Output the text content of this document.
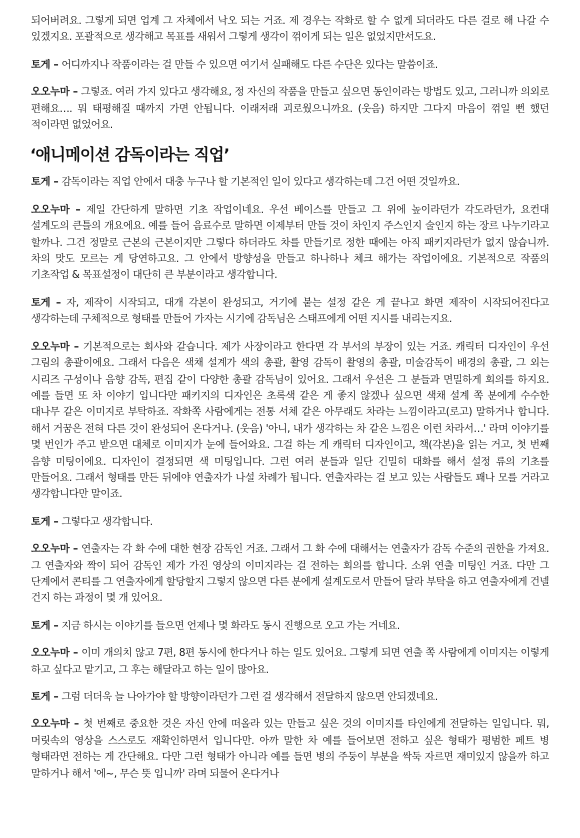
되어버려요. 그렇게 되면 업계 그 자체에서 낙오 되는 거죠. 제 경우는 작화로 할 수 없게 되더라도 다른 걸로 해 나갈 수 있겠지요. 포괄적으로 생각해고 목표를 새워서 그렇게 생각이 꺾이게 되는 일은 없었지만서도요.

토게 – 어디까지나 작품이라는 걸 만들 수 있으면 여기서 실패해도 다른 수단은 있다는 말씀이죠.

오오누마 – 그렇죠. 여러 가지 있다고 생각해요, 정 자신의 작품을 만들고 싶으면 동인이라는 방법도 있고, 그러니까 의외로 편해요…. 뭐 태평해질 때까지 가면 안됩니다. 이래저래 괴로웠으니까요. (웃음) 하지만 그다지 마음이 꺾일 뻔 했던 적이라면 없었어요.

‘애니메이션 감독이라는 직업’

토게 – 감독이라는 직업 안에서 대충 누구나 할 기본적인 일이 있다고 생각하는데 그건 어떤 것일까요.

오오누마 – 제일 간단하게 말하면 기초 작업이네요. 우선 베이스를 만들고 그 위에 높이라던가 각도라던가, 요컨대 설계도의 큰틀의 개요에요. 예를 들어 음료수로 말하면 이제부터 만들 것이 차인지 주스인지 술인지 하는 장르 나누기라고 할까나. 그건 정말로 근본의 근본이지만 그렇다 하더라도 차를 만들기로 정한 때에는 아직 패키지라던가 없지 않습니까. 차의 맛도 모르는 게 당연하고요. 그 안에서 방향성을 만들고 하나하나 체크 해가는 작업이에요. 기본적으로 작품의 기초작업 & 목표설정이 대단히 큰 부분이라고 생각합니다.

토게 – 자, 제작이 시작되고, 대개 각본이 완성되고, 거기에 붙는 설정 같은 게 끝나고 화면 제작이 시작되어진다고 생각하는데 구체적으로 형태를 만들어 가자는 시기에 감독님은 스태프에게 어떤 지시를 내리는지요.

오오누마 – 기본적으로는 회사와 같습니다. 제가 사장이라고 한다면 각 부서의 부장이 있는 거죠. 캐릭터 디자인이 우선 그림의 총괄이에요. 그래서 다음은 색채 설계가 색의 총괄, 촬영 감독이 촬영의 총괄, 미술감독이 배경의 총괄, 그 외는 시리즈 구성이나 음향 감독, 편집 같이 다양한 총괄 감독님이 있어요. 그래서 우선은 그 분들과 면밀하게 회의를 하지요. 예를 들면 또 차 이야기 입니다만 패키지의 디자인은 초록색 같은 게 좋지 않겠나 싶으면 색채 설계 쪽 분에게 수수한 대나무 같은 이미지로 부탁하죠. 작화쪽 사람에게는 전통 서체 같은 아무래도 차라는 느낌이라고(로고) 말하거나 합니다. 해서 거꿈은 전혀 다른 것이 완성되어 온다거나. (웃음) '아니, 내가 생각하는 차 같은 느낌은 이런 차라서…' 라며 이야기를 몇 번인가 주고 받으면 대체로 이미지가 눈에 들어와요. 그걸 하는 게 캐릭터 디자인이고, 책(각본)을 읽는 거고, 첫 번째 음향 미팅이에요. 디자인이 결정되면 색 미팅입니다. 그런 여러 분들과 일단 긴밀히 대화를 해서 설정 류의 기초를 만들어요. 그래서 형태를 만든 뒤에야 연출자가 나설 차례가 됩니다. 연출자라는 걸 보고 있는 사람들도 꽤나 모를 거라고 생각합니다만 말이죠.

토게 – 그렇다고 생각합니다.

오오누마 – 연출자는 각 화 수에 대한 현장 감독인 거죠. 그래서 그 화 수에 대해서는 연출자가 감독 수준의 권한을 가져요. 그 연출자와 짝이 되어 감독인 제가 가진 영상의 이미지라는 걸 전하는 회의를 합니다. 소위 연출 미팅인 거죠. 다만 그 단계에서 콘티를 그 연출자에게 할당할지 그렇지 않으면 다른 분에게 설계도로서 만들어 달라 부탁을 하고 연출자에게 건넬 건지 하는 과정이 몇 개 있어요.

토게 – 지금 하시는 이야기를 들으면 언제나 몇 화라도 동시 진행으로 오고 가는 거네요.

오오누마 – 이미 개의치 않고 7편, 8편 동시에 한다거나 하는 일도 있어요. 그렇게 되면 연출 쪽 사람에게 이미지는 이렇게 하고 싶다고 맡기고, 그 후는 해달라고 하는 일이 많아요.

토게 – 그럼 더더욱 늘 나아가야 할 방향이라던가 그런 걸 생각해서 전달하지 않으면 안되겠네요.

오오누마 – 첫 번째로 중요한 것은 자신 안에 떠올라 있는 만들고 싶은 것의 이미지를 타인에게 전달하는 일입니다. 뭐, 머릿속의 영상을 스스로도 재확인하면서 입니다만. 아까 말한 차 예를 들어보면 전하고 싶은 형태가 평범한 페트 병 형태라면 전하는 게 간단해요. 다만 그런 형태가 아니라 예를 들면 병의 주둥이 부분을 싹둑 자르면 재미있지 않을까 하고 말하거나 해서 '에~, 무슨 뜻 입니까' 라며 되물어 온다거나
